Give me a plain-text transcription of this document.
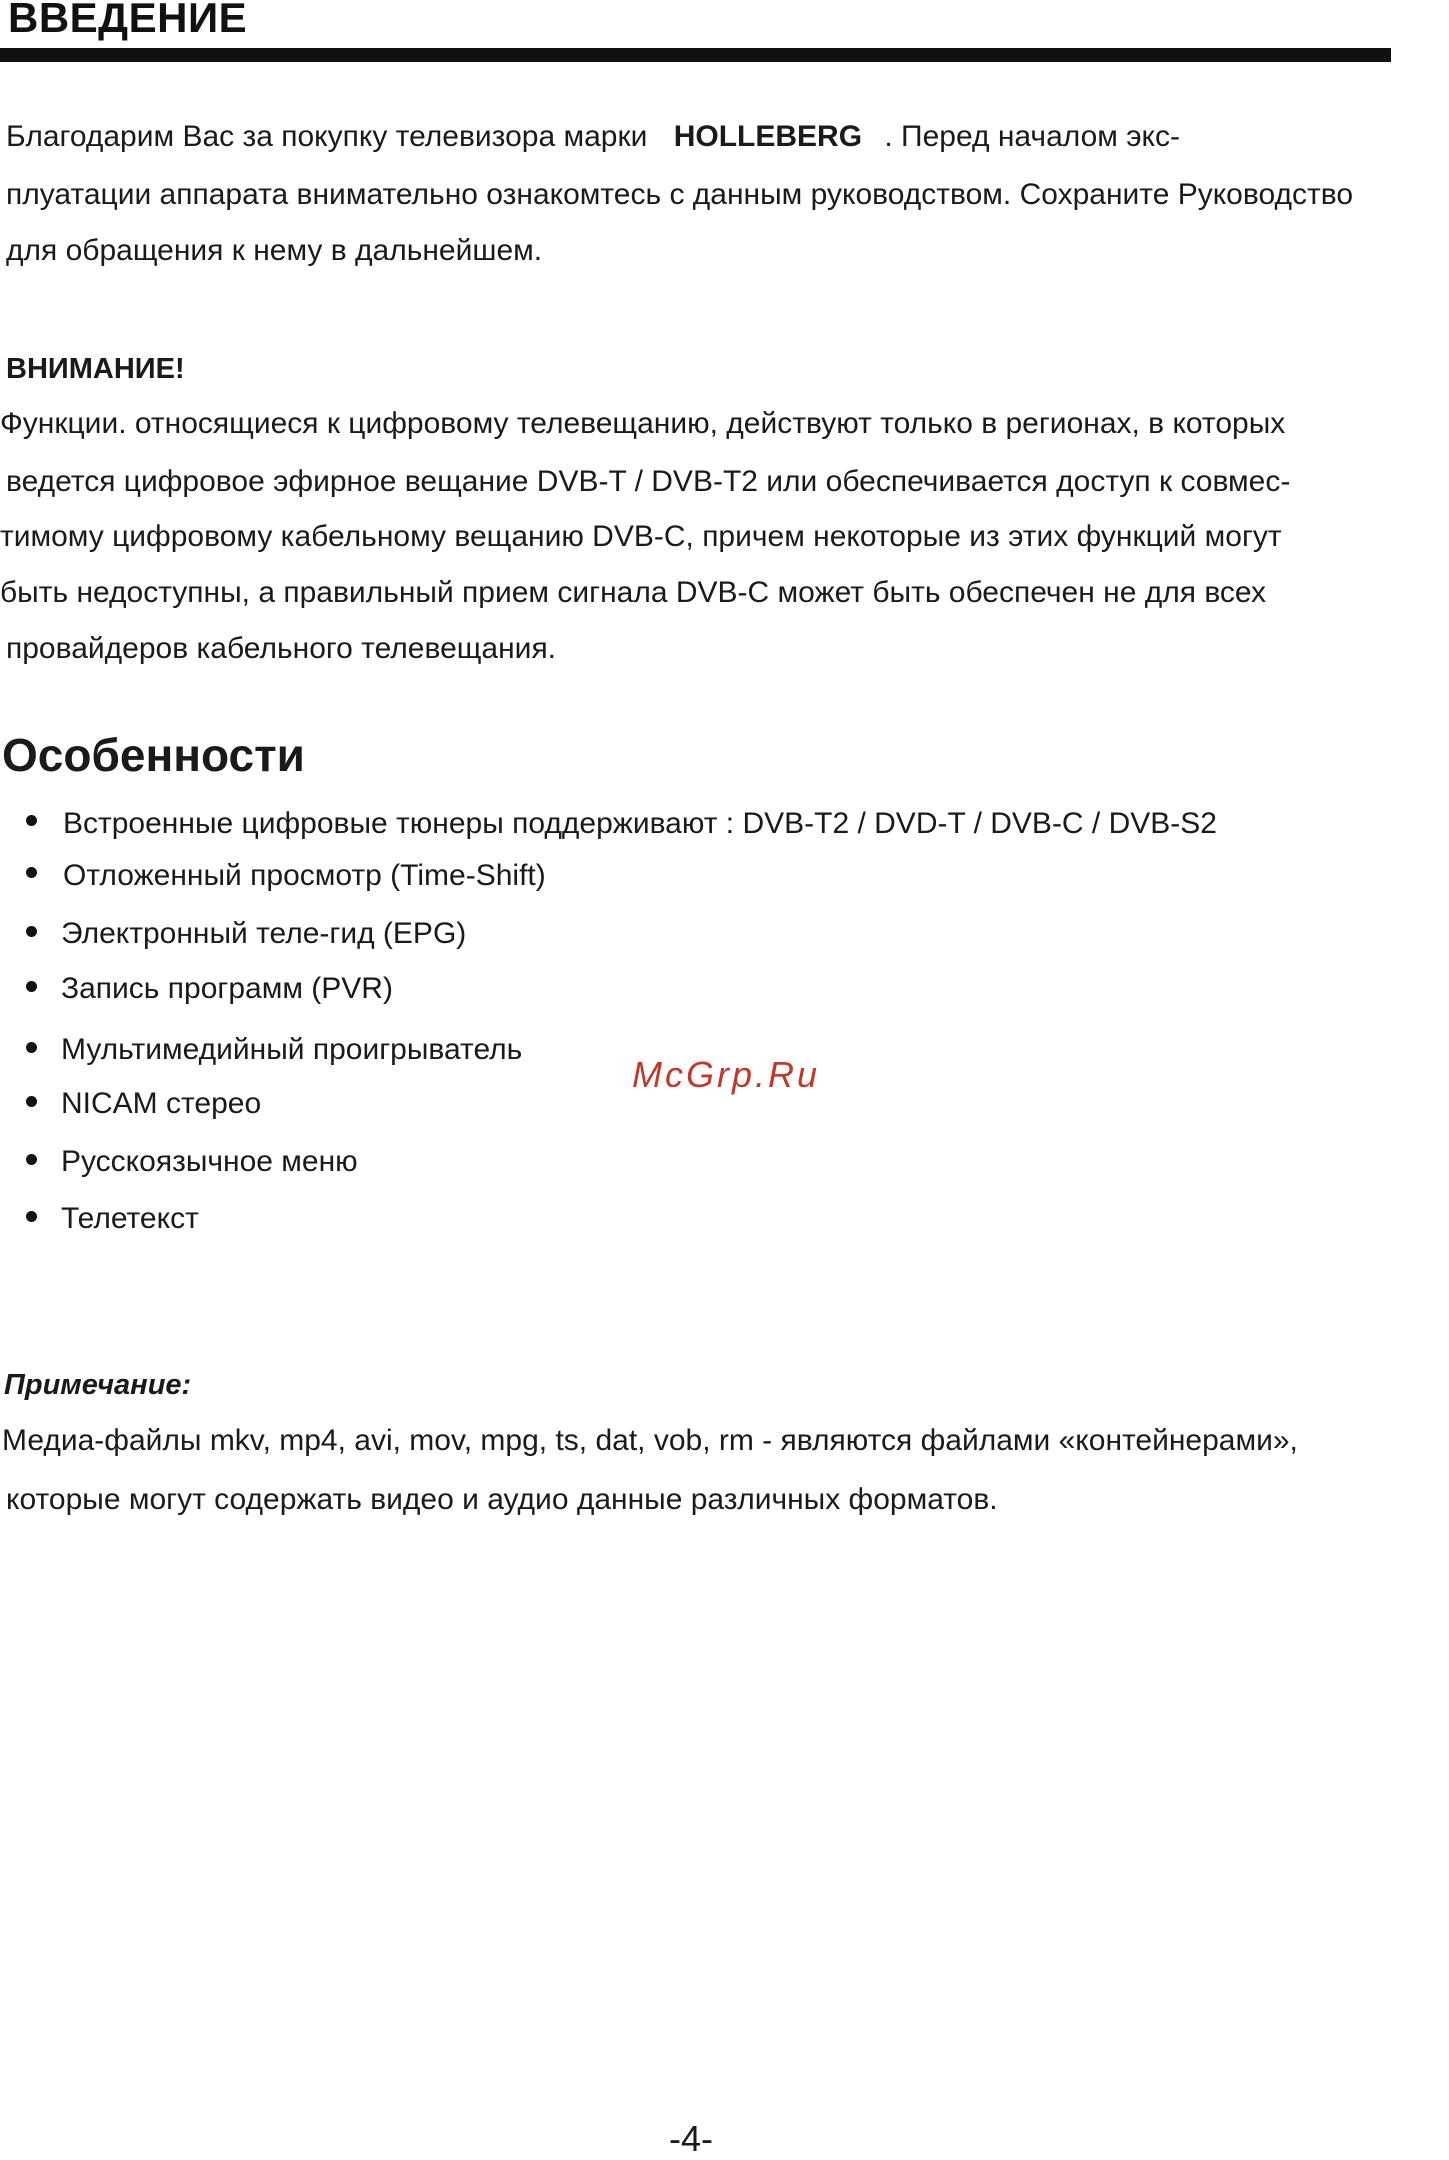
ВВЕДЕНИЕ
Благодарим Вас за покупку телевизора марки HOLLEBERG . Перед началом экс-
плуатации аппарата внимательно ознакомтесь с данным руководством. Сохраните Руководство
для обращения к нему в дальнейшем.
ВНИМАНИЕ!
Функции. относящиеся к цифровому телевещанию, действуют только в регионах, в которых
ведется цифровое эфирное вещание DVB-T / DVB-T2 или обеспечивается доступ к совмес-
тимому цифровому кабельному вещанию DVB-C, причем некоторые из этих функций могут
быть недоступны, а правильный прием сигнала DVB-C может быть обеспечен не для всех
провайдеров кабельного телевещания.
Особенности
Встроенные цифровые тюнеры поддерживают : DVB-T2 / DVD-T / DVB-C / DVB-S2
Отложенный просмотр (Time-Shift)
Электронный теле-гид (EPG)
Запись программ (PVR)
Мультимедийный проигрыватель
NICAM стерео
Русскоязычное меню
Телетекст
McGrp.Ru
Примечание:
Медиа-файлы mkv, mp4, avi, mov, mpg, ts, dat, vob, rm - являются файлами «контейнерами»,
которые могут содержать видео и аудио данные различных форматов.
-4-
